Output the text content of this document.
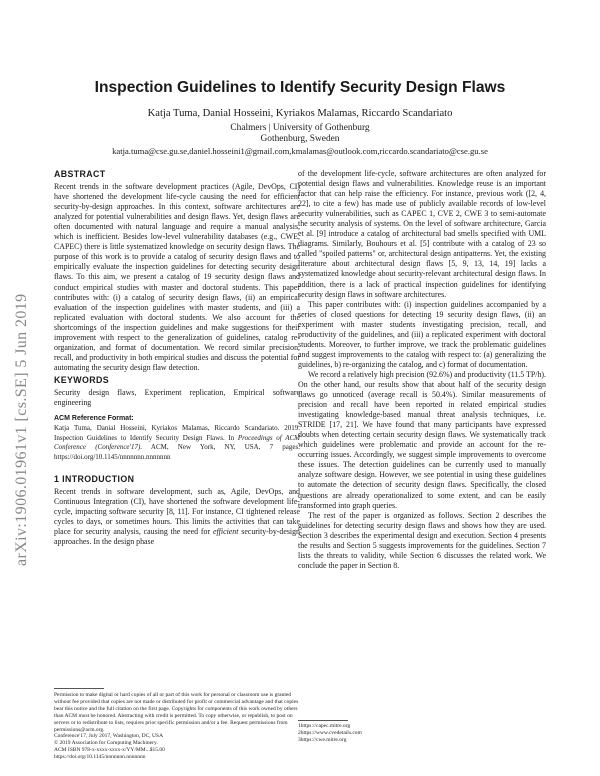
arXiv:1906.01961v1 [cs.SE] 5 Jun 2019
Inspection Guidelines to Identify Security Design Flaws
Katja Tuma, Danial Hosseini, Kyriakos Malamas, Riccardo Scandariato
Chalmers | University of Gothenburg
Gothenburg, Sweden
katja.tuma@cse.gu.se,daniel.hosseini1@gmail.com,kmalamas@outlook.com,riccardo.scandariato@cse.gu.se
ABSTRACT

Recent trends in the software development practices (Agile, DevOps, CI) have shortened the development life-cycle causing the need for efficient security-by-design approaches. In this context, software architectures are analyzed for potential vulnerabilities and design flaws. Yet, design flaws are often documented with natural language and require a manual analysis, which is inefficient. Besides low-level vulnerability databases (e.g., CWE, CAPEC) there is little systematized knowledge on security design flaws. The purpose of this work is to provide a catalog of security design flaws and to empirically evaluate the inspection guidelines for detecting security design flaws. To this aim, we present a catalog of 19 security design flaws and conduct empirical studies with master and doctoral students. This paper contributes with: (i) a catalog of security design flaws, (ii) an empirical evaluation of the inspection guidelines with master students, and (iii) a replicated evaluation with doctoral students. We also account for the shortcomings of the inspection guidelines and make suggestions for their improvement with respect to the generalization of guidelines, catalog re-organization, and format of documentation. We record similar precision, recall, and productivity in both empirical studies and discuss the potential for automating the security design flaw detection.

KEYWORDS

Security design flaws, Experiment replication, Empirical software engineering

ACM Reference Format:

Katja Tuma, Danial Hosseini, Kyriakos Malamas, Riccardo Scandariato. 2019. Inspection Guidelines to Identify Security Design Flaws. In Proceedings of ACM Conference (Conference'17). ACM, New York, NY, USA, 7 pages. https://doi.org/10.1145/nnnnnnn.nnnnnnn

1 INTRODUCTION

Recent trends in software development, such as, Agile, DevOps, and Continuous Integration (CI), have shortened the software development life-cycle, impacting software security [8, 11]. For instance, CI tightened release cycles to days, or sometimes hours. This limits the activities that can take place for security analysis, causing the need for efficient security-by-design approaches. In the design phase

Permission to make digital or hard copies of all or part of this work for personal or classroom use is granted without fee provided that copies are not made or distributed for profit or commercial advantage and that copies bear this notice and the full citation on the first page. Copyrights for components of this work owned by others than ACM must be honored. Abstracting with credit is permitted. To copy otherwise, or republish, to post on servers or to redistribute to lists, requires prior specific permission and/or a fee. Request permissions from permissions@acm.org.

Conference'17, July 2017, Washington, DC, USA

© 2019 Association for Computing Machinery.

ACM ISBN 978-x-xxxx-xxxx-x/YY/MM...$15.00

https://doi.org/10.1145/nnnnnnn.nnnnnnn

of the development life-cycle, software architectures are often analyzed for potential design flaws and vulnerabilities. Knowledge reuse is an important factor that can help raise the efficiency. For instance, previous work ([2, 4, 22], to cite a few) has made use of publicly available records of low-level security vulnerabilities, such as CAPEC 1, CVE 2, CWE 3 to semi-automate the security analysis of systems. On the level of software architecture, Garcia et al. [9] introduce a catalog of architectural bad smells specified with UML diagrams. Similarly, Bouhours et al. [5] contribute with a catalog of 23 so called "spoiled patterns" or, architectural design antipatterns. Yet, the existing literature about architectural design flaws [5, 9, 13, 14, 19] lacks a systematized knowledge about security-relevant architectural design flaws. In addition, there is a lack of practical inspection guidelines for identifying security design flaws in software architectures.

This paper contributes with: (i) inspection guidelines accompanied by a series of closed questions for detecting 19 security design flaws, (ii) an experiment with master students investigating precision, recall, and productivity of the guidelines, and (iii) a replicated experiment with doctoral students. Moreover, to further improve, we track the problematic guidelines and suggest improvements to the catalog with respect to: (a) generalizing the guidelines, b) re-organizing the catalog, and c) format of documentation.

We record a relatively high precision (92.6%) and productivity (11.5 TP/h). On the other hand, our results show that about half of the security design flaws go unnoticed (average recall is 50.4%). Similar measurements of precision and recall have been reported in related empirical studies investigating knowledge-based manual threat analysis techniques, i.e. STRIDE [17, 21]. We have found that many participants have expressed doubts when detecting certain security design flaws. We systematically track which guidelines were problematic and provide an account for the re-occurring issues. Accordingly, we suggest simple improvements to overcome these issues. The detection guidelines can be currently used to manually analyze software design. However, we see potential in using these guidelines to automate the detection of security design flaws. Specifically, the closed questions are already operationalized to some extent, and can be easily transformed into graph queries.

The rest of the paper is organized as follows. Section 2 describes the guidelines for detecting security design flaws and shows how they are used. Section 3 describes the experimental design and execution. Section 4 presents the results and Section 5 suggests improvements for the guidelines. Section 7 lists the threats to validity, while Section 6 discusses the related work. We conclude the paper in Section 8.

1https://capec.mitre.org

2https://www.cvedetails.com

3https://cwe.mitre.org
